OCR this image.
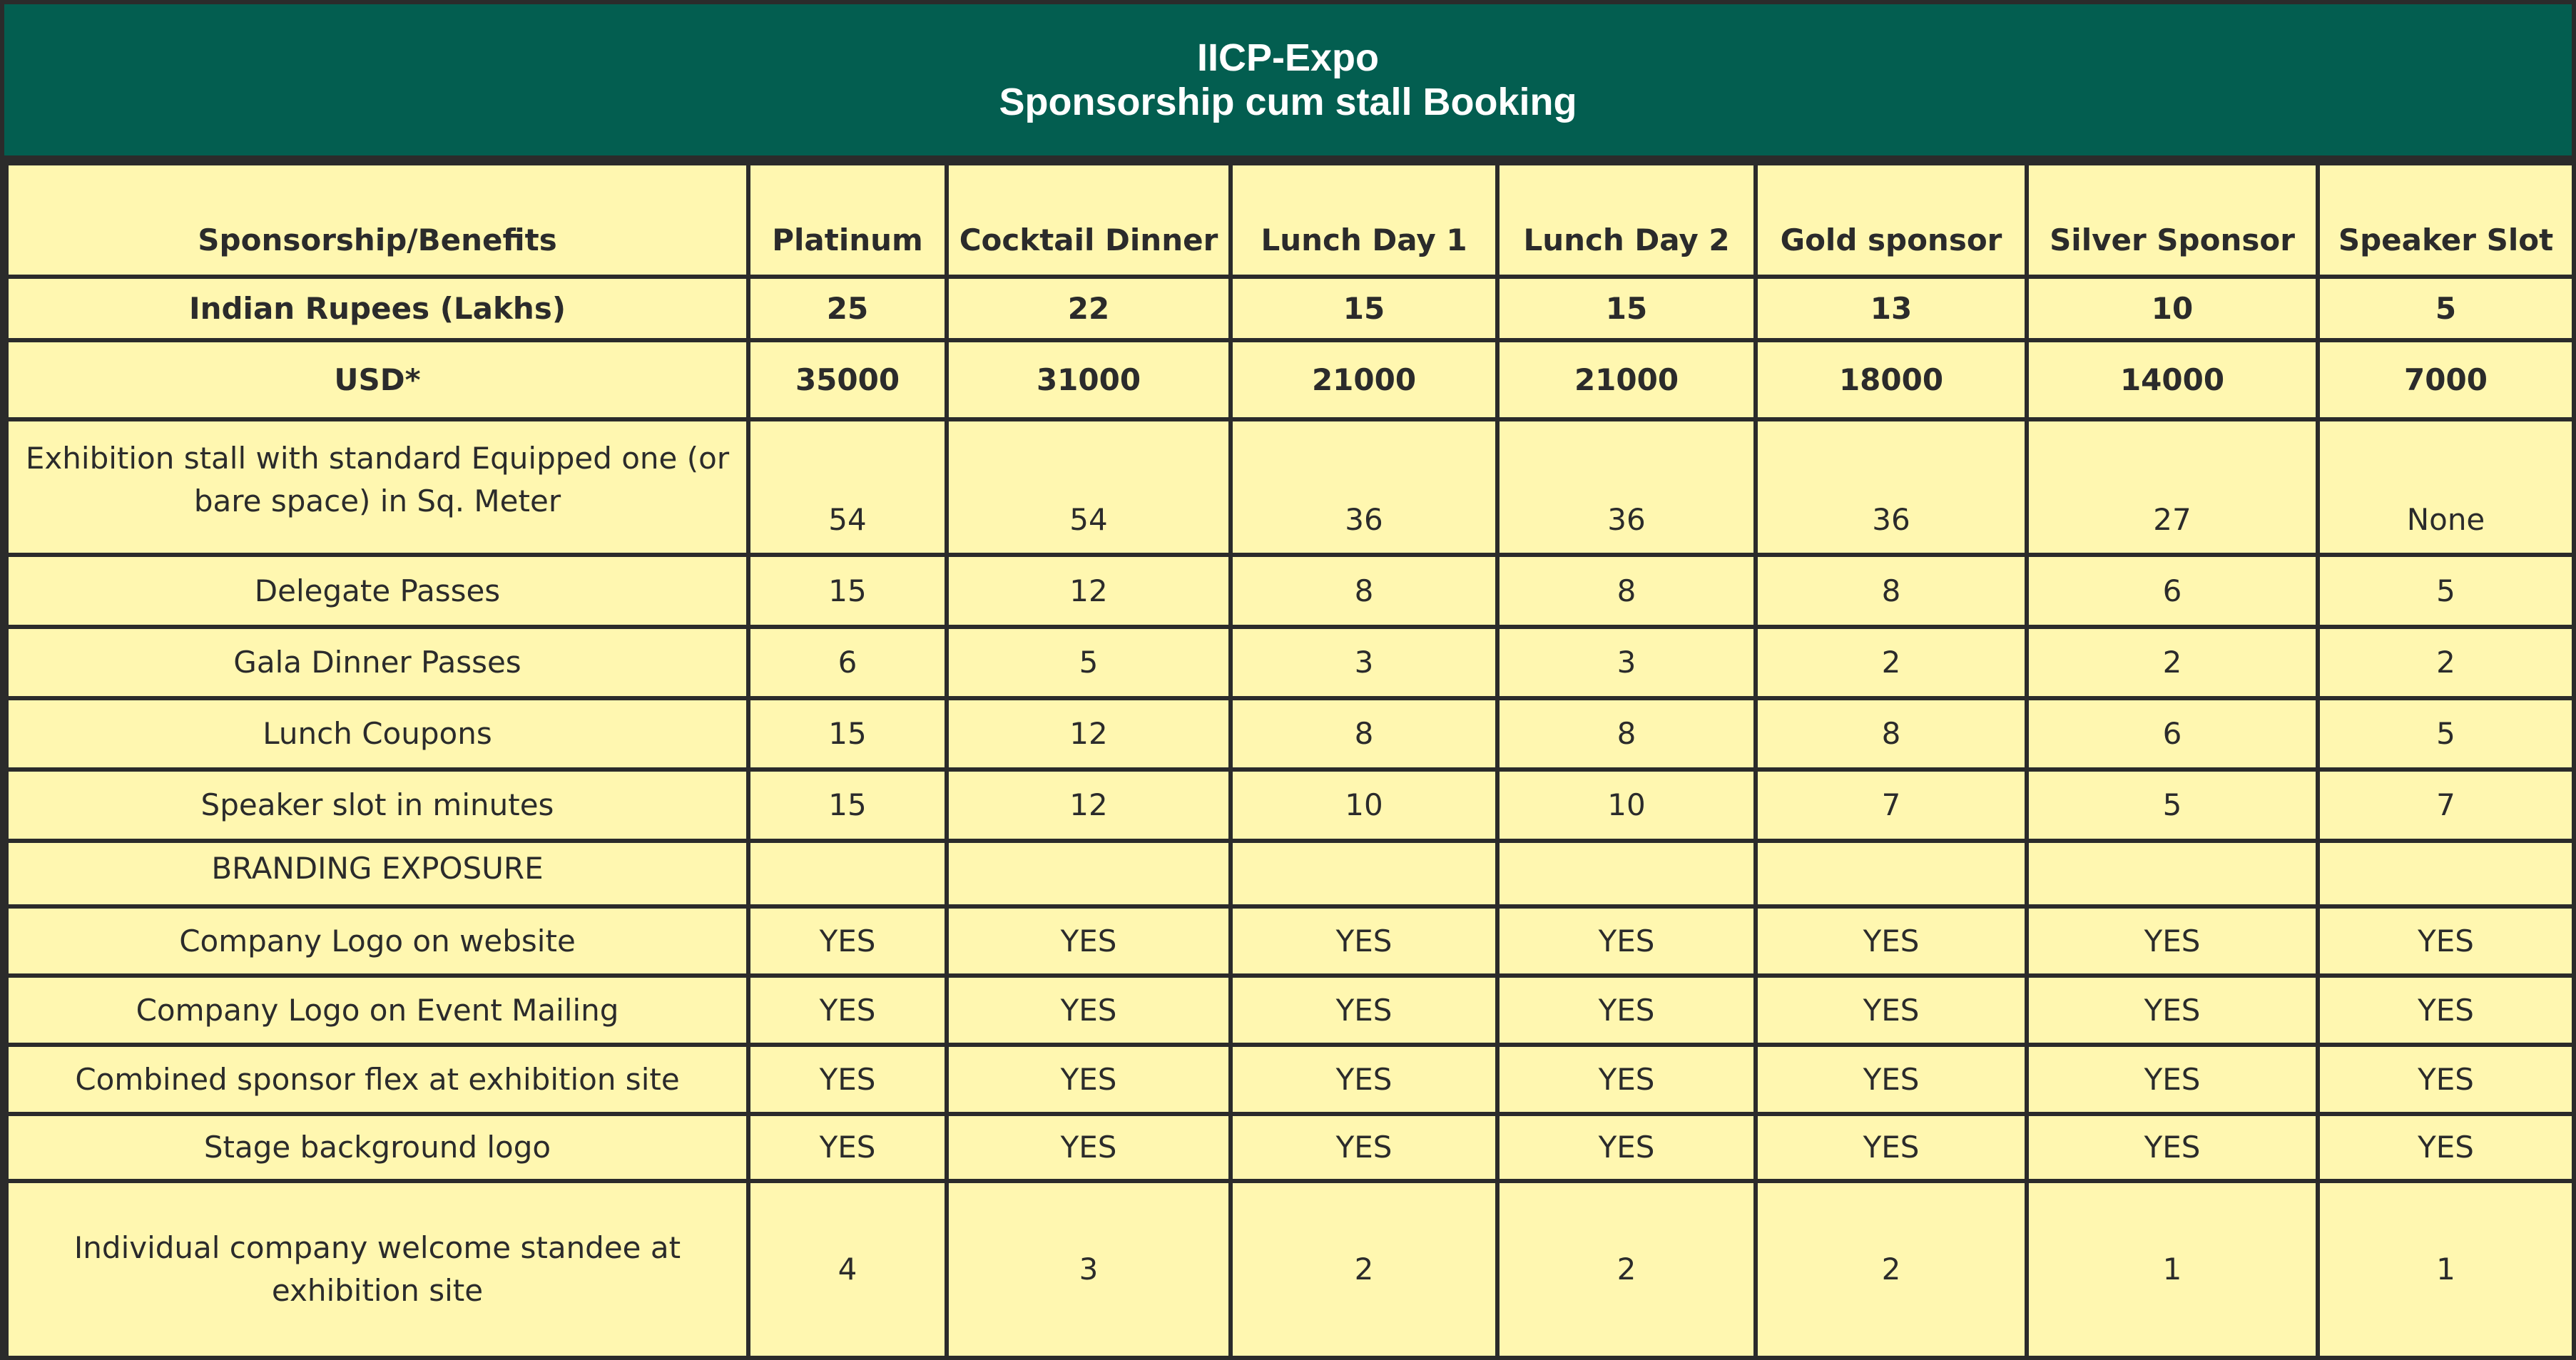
IICP-Expo
Sponsorship cum stall Booking
Sponsorship/Benefits	Platinum	Cocktail Dinner	Lunch Day 1	Lunch Day 2	Gold sponsor	Silver Sponsor	Speaker Slot
Indian Rupees (Lakhs)	25	22	15	15	13	10	5
USD*	35000	31000	21000	21000	18000	14000	7000
Exhibition stall with standard Equipped one (or bare space) in Sq. Meter	54	54	36	36	36	27	None
Delegate Passes	15	12	8	8	8	6	5
Gala Dinner Passes	6	5	3	3	2	2	2
Lunch Coupons	15	12	8	8	8	6	5
Speaker slot in minutes	15	12	10	10	7	5	7
BRANDING EXPOSURE							
Company Logo on website	YES	YES	YES	YES	YES	YES	YES
Company Logo on Event Mailing	YES	YES	YES	YES	YES	YES	YES
Combined sponsor flex at exhibition site	YES	YES	YES	YES	YES	YES	YES
Stage background logo	YES	YES	YES	YES	YES	YES	YES
Individual company welcome standee at exhibition site	4	3	2	2	2	1	1
